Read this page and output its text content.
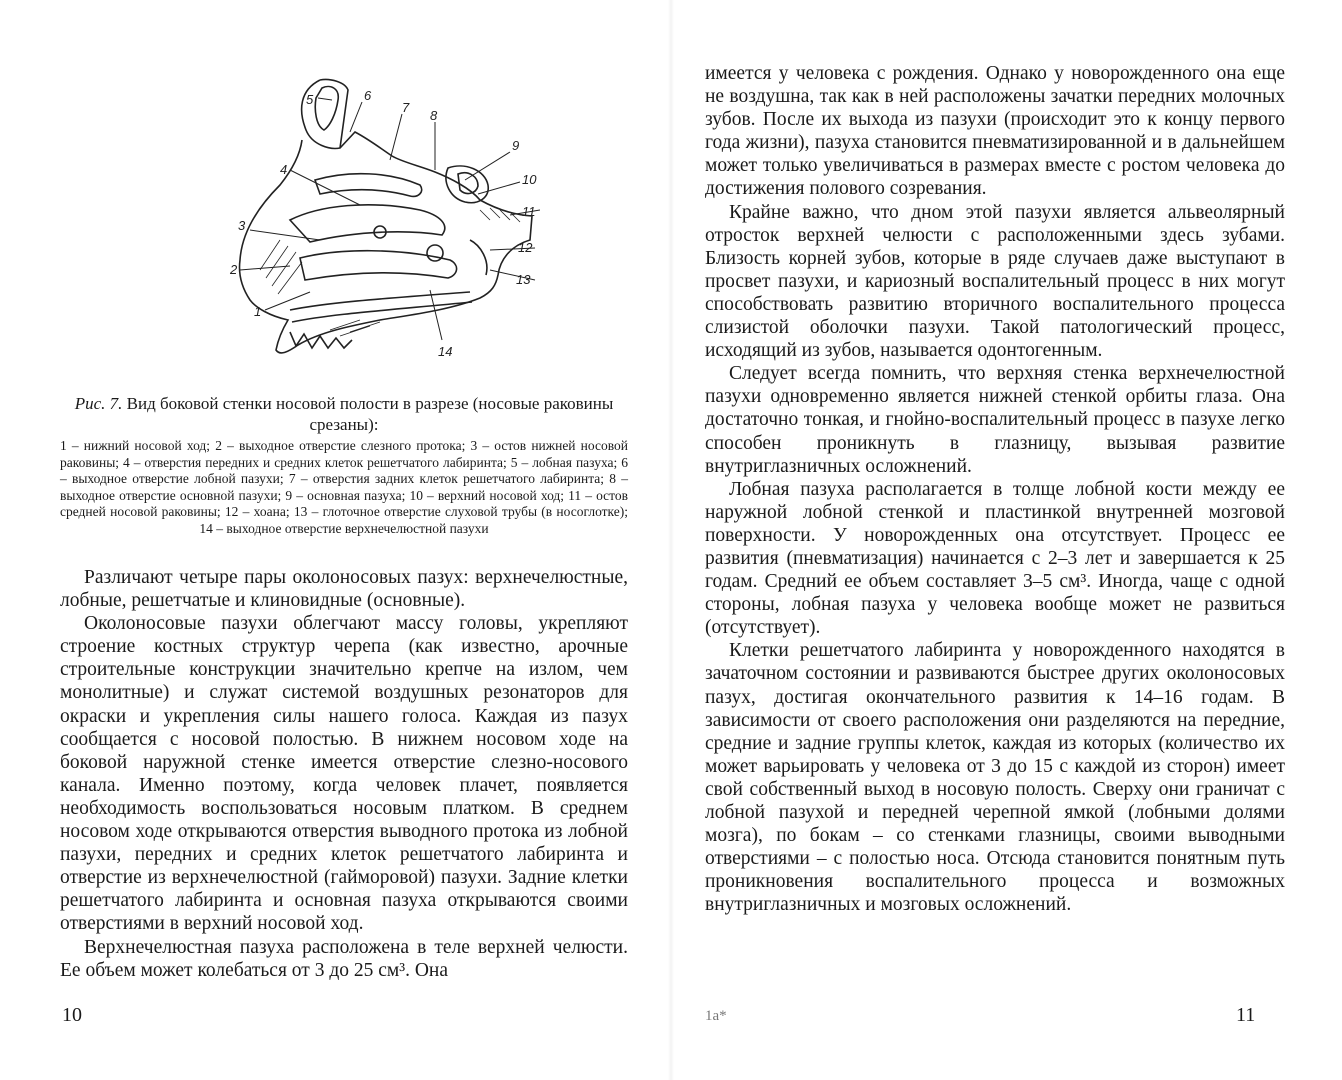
5	6
7
8
9
10
11
4
3
12
2
13
1
14
Рис. 7. Вид боковой стенки носовой полости в разрезе (носовые раковины срезаны):
1 – нижний носовой ход; 2 – выходное отверстие слезного протока; 3 – остов нижней носовой раковины; 4 – отверстия передних и средних клеток решетчатого лабиринта; 5 – лобная пазуха; 6 – выходное отверстие лобной пазухи; 7 – отверстия задних клеток решетчатого лабиринта; 8 – выходное отверстие основной пазухи; 9 – основная пазуха; 10 – верхний носовой ход; 11 – остов средней носовой раковины; 12 – хоана; 13 – глоточное отверстие слуховой трубы (в носоглотке); 14 – выходное отверстие верхнечелюстной пазухи

Различают четыре пары околоносовых пазух: верхнечелюстные, лобные, решетчатые и клиновидные (основные).

Околоносовые пазухи облегчают массу головы, укрепляют строение костных структур черепа (как известно, арочные строительные конструкции значительно крепче на излом, чем монолитные) и служат системой воздушных резонаторов для окраски и укрепления силы нашего голоса. Каждая из пазух сообщается с носовой полостью. В нижнем носовом ходе на боковой наружной стенке имеется отверстие слезно-носового канала. Именно поэтому, когда человек плачет, появляется необходимость воспользоваться носовым платком. В среднем носовом ходе открываются отверстия выводного протока из лобной пазухи, передних и средних клеток решетчатого лабиринта и отверстие из верхнечелюстной (гайморовой) пазухи. Задние клетки решетчатого лабиринта и основная пазуха открываются своими отверстиями в верхний носовой ход.

Верхнечелюстная пазуха расположена в теле верхней челюсти. Ее объем может колебаться от 3 до 25 см³. Она

10

имеется у человека с рождения. Однако у новорожденного она еще не воздушна, так как в ней расположены зачатки передних молочных зубов. После их выхода из пазухи (происходит это к концу первого года жизни), пазуха становится пневматизированной и в дальнейшем может только увеличиваться в размерах вместе с ростом человека до достижения полового созревания.

Крайне важно, что дном этой пазухи является альвеолярный отросток верхней челюсти с расположенными здесь зубами. Близость корней зубов, которые в ряде случаев даже выступают в просвет пазухи, и кариозный воспалительный процесс в них могут способствовать развитию вторичного воспалительного процесса слизистой оболочки пазухи. Такой патологический процесс, исходящий из зубов, называется одонтогенным.

Следует всегда помнить, что верхняя стенка верхнечелюстной пазухи одновременно является нижней стенкой орбиты глаза. Она достаточно тонкая, и гнойно-воспалительный процесс в пазухе легко способен проникнуть в глазницу, вызывая развитие внутриглазничных осложнений.

Лобная пазуха располагается в толще лобной кости между ее наружной лобной стенкой и пластинкой внутренней мозговой поверхности. У новорожденных она отсутствует. Процесс ее развития (пневматизация) начинается с 2–3 лет и завершается к 25 годам. Средний ее объем составляет 3–5 см³. Иногда, чаще с одной стороны, лобная пазуха у человека вообще может не развиться (отсутствует).

Клетки решетчатого лабиринта у новорожденного находятся в зачаточном состоянии и развиваются быстрее других околоносовых пазух, достигая окончательного развития к 14–16 годам. В зависимости от своего расположения они разделяются на передние, средние и задние группы клеток, каждая из которых (количество их может варьировать у человека от 3 до 15 с каждой из сторон) имеет свой собственный выход в носовую полость. Сверху они граничат с лобной пазухой и передней черепной ямкой (лобными долями мозга), по бокам – со стенками глазницы, своими выводными отверстиями – с полостью носа. Отсюда становится понятным путь проникновения воспалительного процесса и возможных внутриглазничных и мозговых осложнений.

1а*	11
